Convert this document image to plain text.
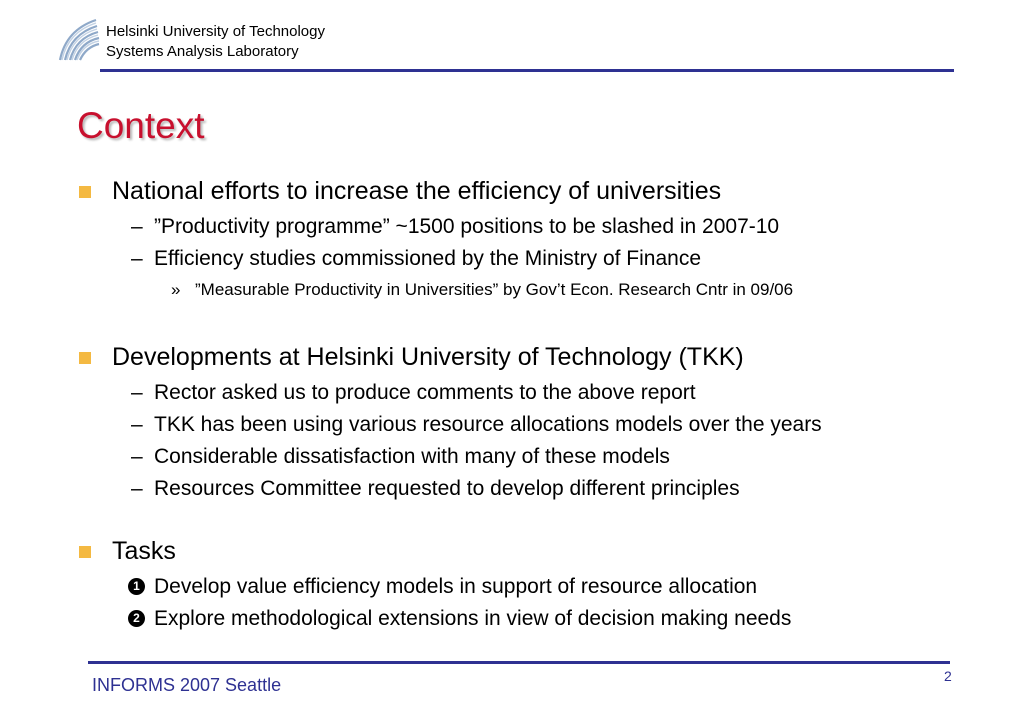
Helsinki University of Technology
Systems Analysis Laboratory
Context
National efforts to increase the efficiency of universities
– ”Productivity programme” ~1500 positions to be slashed in 2007-10
– Efficiency studies commissioned by the Ministry of Finance
» ”Measurable Productivity in Universities” by Gov’t Econ. Research Cntr in 09/06
Developments at Helsinki University of Technology (TKK)
– Rector asked us to produce comments to the above report
– TKK has been using various resource allocations models over the years
– Considerable dissatisfaction with many of these models
– Resources Committee requested to develop different principles
Tasks
1 Develop value efficiency models in support of resource allocation
2 Explore methodological extensions in view of decision making needs
INFORMS 2007 Seattle	2
